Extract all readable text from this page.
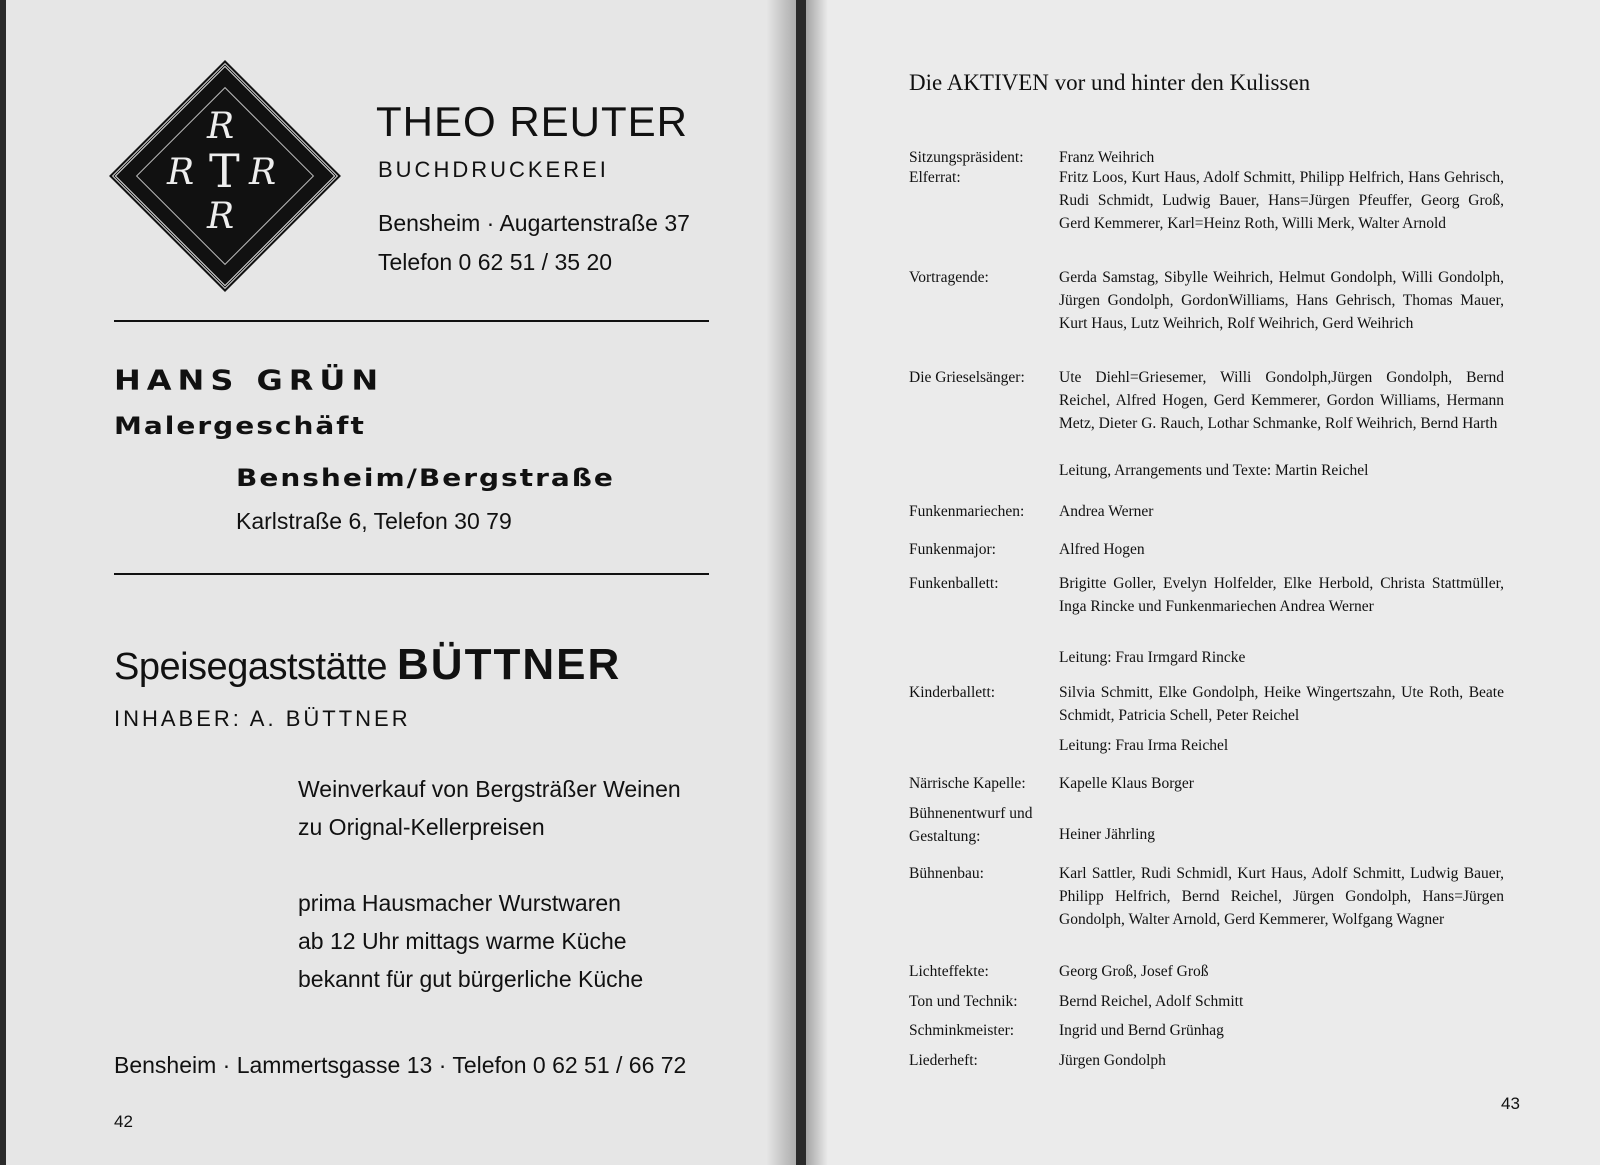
R
R T R
R
THEO REUTER
BUCHDRUCKEREI
Bensheim · Augartenstraße 37
Telefon 0 62 51 / 35 20
HANS GRÜN
Malergeschäft
Bensheim/Bergstraße
Karlstraße 6, Telefon 30 79
Speisegaststätte BÜTTNER
INHABER: A. BÜTTNER
Weinverkauf von Bergsträßer Weinen
zu Orignal-Kellerpreisen
prima Hausmacher Wurstwaren
ab 12 Uhr mittags warme Küche
bekannt für gut bürgerliche Küche
Bensheim · Lammertsgasse 13 · Telefon 0 62 51 / 66 72
42
Die AKTIVEN vor und hinter den Kulissen
Sitzungspräsident:	Franz Weihrich
Elferrat:	Fritz Loos, Kurt Haus, Adolf Schmitt, Philipp Helfrich, Hans Gehrisch, Rudi Schmidt, Ludwig Bauer, Hans=Jürgen Pfeuffer, Georg Groß, Gerd Kemmerer, Karl=Heinz Roth, Willi Merk, Walter Arnold
Vortragende:	Gerda Samstag, Sibylle Weihrich, Helmut Gondolph, Willi Gondolph, Jürgen Gondolph, GordonWilliams, Hans Gehrisch, Thomas Mauer, Kurt Haus, Lutz Weihrich, Rolf Weihrich, Gerd Weihrich
Die Grieselsänger:	Ute Diehl=Griesemer, Willi Gondolph,Jürgen Gondolph, Bernd Reichel, Alfred Hogen, Gerd Kemmerer, Gordon Williams, Hermann Metz, Dieter G. Rauch, Lothar Schmanke, Rolf Weihrich, Bernd Harth
Leitung, Arrangements und Texte: Martin Reichel
Funkenmariechen:	Andrea Werner
Funkenmajor:	Alfred Hogen
Funkenballett:	Brigitte Goller, Evelyn Holfelder, Elke Herbold, Christa Stattmüller, Inga Rincke und Funkenmariechen Andrea Werner
Leitung: Frau Irmgard Rincke
Kinderballett:	Silvia Schmitt, Elke Gondolph, Heike Wingertszahn, Ute Roth, Beate Schmidt, Patricia Schell, Peter Reichel
Leitung: Frau Irma Reichel
Närrische Kapelle:	Kapelle Klaus Borger
Bühnenentwurf und Gestaltung:	Heiner Jährling
Bühnenbau:	Karl Sattler, Rudi Schmidl, Kurt Haus, Adolf Schmitt, Ludwig Bauer, Philipp Helfrich, Bernd Reichel, Jürgen Gondolph, Hans=Jürgen Gondolph, Walter Arnold, Gerd Kemmerer, Wolfgang Wagner
Lichteffekte:	Georg Groß, Josef Groß
Ton und Technik:	Bernd Reichel, Adolf Schmitt
Schminkmeister:	Ingrid und Bernd Grünhag
Liederheft:	Jürgen Gondolph
43
